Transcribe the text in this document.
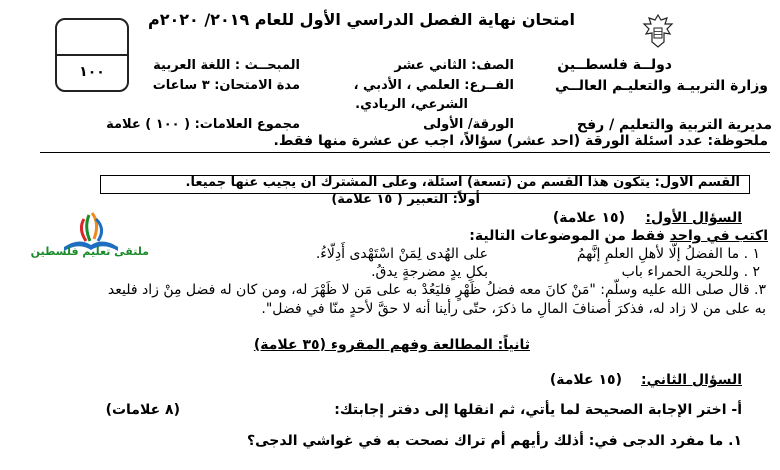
امتحان نهاية الفصل الدراسي الأول للعام ٢٠١٩/ ٢٠٢٠م
١٠٠	دولــة فلسطــين
وزارة التربيـة والتعليـم العالــي
مديرية التربية والتعليم / رفح
الصف: الثاني عشر
الفــرع: العلمي ، الأدبي ،
الشرعي، الريادي.
الورقة/ الأولى
المبحــث : اللغة العربية
مدة الامتحان: ٣ ساعات
مجموع العلامات: ( ١٠٠ ) علامة
ملحوظة: عدد اسئلة الورقة (احد عشر) سؤالاً، اجب عن عشرة منها فقط.
القسم الاول: يتكون هذا القسم من (تسعة) اسئلة، وعلى المشترك ان يجيب عنها جميعا.
أولاً: التعبير ( ١٥ علامة)
ملتقى تعليم فلسطين
السؤال الأول:
(١٥ علامة)
اكتب في واحد فقط من الموضوعات التالية:
١ . ما الفضلُ إلّا لأهلِ العلمِ إنَّهمُ
على الهُدى لِمَنْ اسْتَهْدى أَدِلّاءُ.
٢ . وللحرية الحمراء باب
بكلِ يدٍ مضرجةٍ يدقُ.
٣. قال صلى الله عليه وسلّم: "مَنْ كانَ معه فضلُ ظَهْرٍ فليَعُدْ به على مَن لا ظَهْرَ له، ومن كان له فضل مِنْ زاد فليعد
به على من لا زاد له، فذكرَ أصنافَ المالِ ما ذكرَ، حتّى رأينا أنه لا حقَّ لأحدٍ منّا في فضل".
ثانياً: المطالعة وفهم المقروء (٣٥ علامة)
السؤال الثاني:
(١٥ علامة)
أ- اختر الإجابة الصحيحة لما يأتي، ثم انقلها إلى دفتر إجابتك:
(٨ علامات)
١. ما مفرد الدجى في: أذلك رأيهم أم تراك نصحت به في غواشي الدجى؟
